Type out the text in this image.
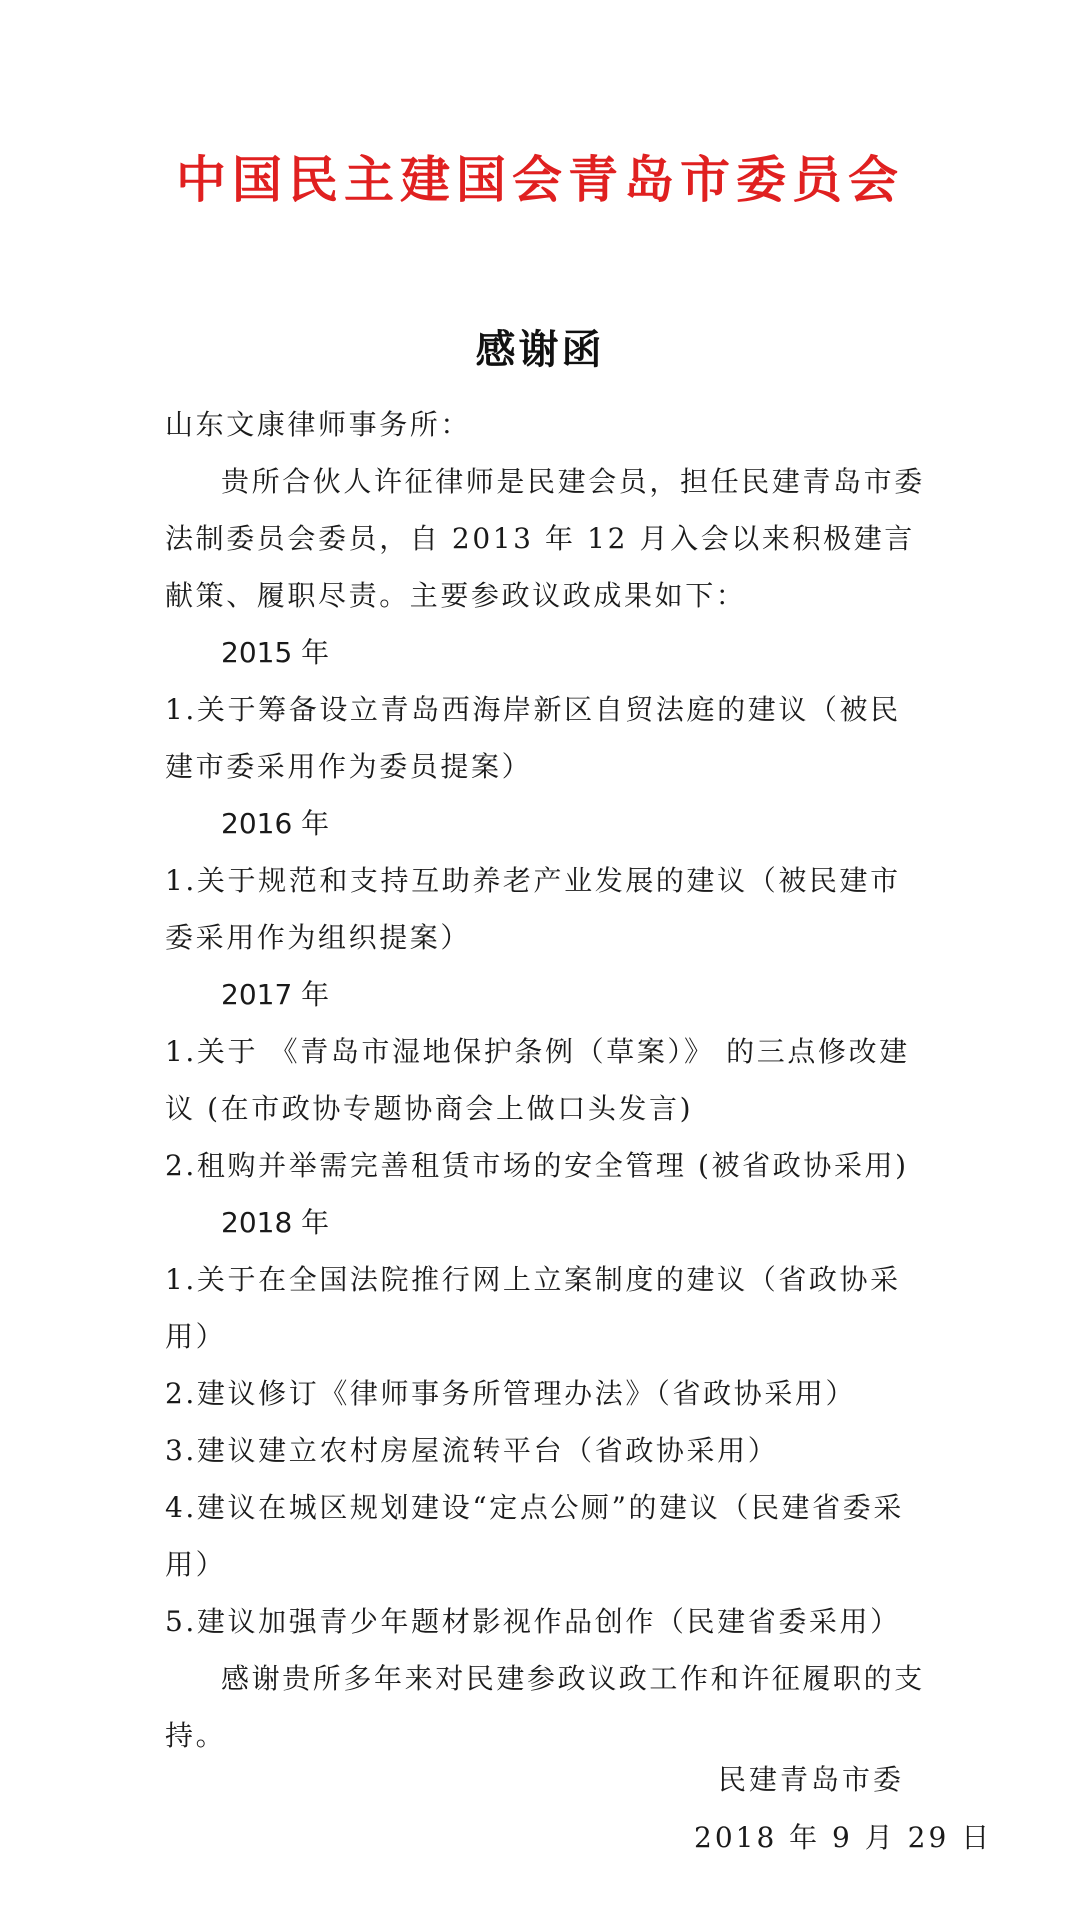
中国民主建国会青岛市委员会
感谢函

山东文康律师事务所：

贵所合伙人许征律师是民建会员，担任民建青岛市委法制委员会委员，自 2013 年 12 月入会以来积极建言献策、履职尽责。主要参政议政成果如下：

2015 年

1.关于筹备设立青岛西海岸新区自贸法庭的建议（被民建市委采用作为委员提案）

2016 年

1.关于规范和支持互助养老产业发展的建议（被民建市委采用作为组织提案）

2017 年

1.关于 《青岛市湿地保护条例（草案）》 的三点修改建议 (在市政协专题协商会上做口头发言)

2.租购并举需完善租赁市场的安全管理 (被省政协采用)

2018 年

1.关于在全国法院推行网上立案制度的建议（省政协采用）

2.建议修订《律师事务所管理办法》（省政协采用）

3.建议建立农村房屋流转平台（省政协采用）

4.建议在城区规划建设“定点公厕”的建议（民建省委采用）

5.建议加强青少年题材影视作品创作（民建省委采用）

感谢贵所多年来对民建参政议政工作和许征履职的支持。

民建青岛市委
2018 年 9 月 29 日
